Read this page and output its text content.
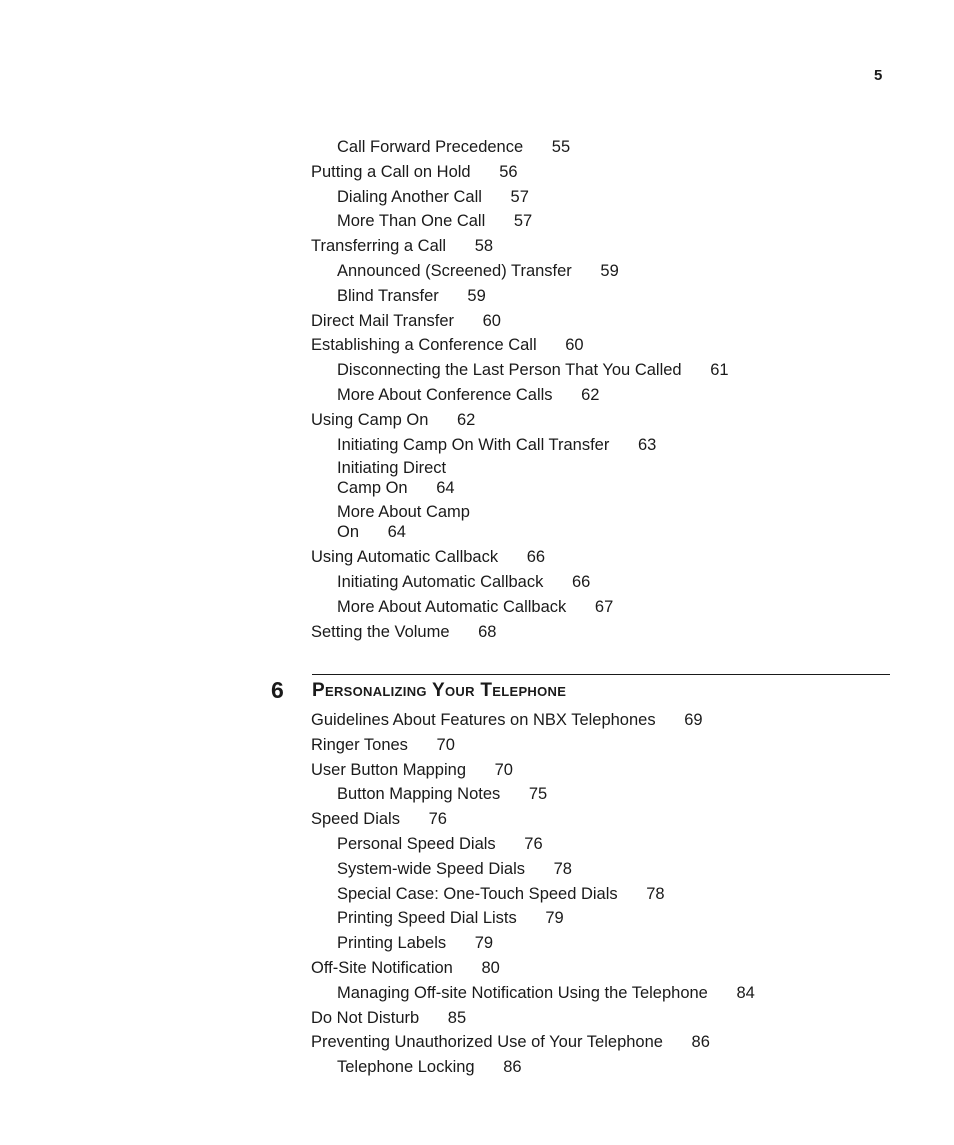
5
Call Forward Precedence 55
Putting a Call on Hold 56
Dialing Another Call 57
More Than One Call 57
Transferring a Call 58
Announced (Screened) Transfer 59
Blind Transfer 59
Direct Mail Transfer 60
Establishing a Conference Call 60
Disconnecting the Last Person That You Called 61
More About Conference Calls 62
Using Camp On 62
Initiating Camp On With Call Transfer 63
Initiating Direct Camp On 64
More About Camp On 64
Using Automatic Callback 66
Initiating Automatic Callback 66
More About Automatic Callback 67
Setting the Volume 68
6 Personalizing Your Telephone
Guidelines About Features on NBX Telephones 69
Ringer Tones 70
User Button Mapping 70
Button Mapping Notes 75
Speed Dials 76
Personal Speed Dials 76
System-wide Speed Dials 78
Special Case: One-Touch Speed Dials 78
Printing Speed Dial Lists 79
Printing Labels 79
Off-Site Notification 80
Managing Off-site Notification Using the Telephone 84
Do Not Disturb 85
Preventing Unauthorized Use of Your Telephone 86
Telephone Locking 86
